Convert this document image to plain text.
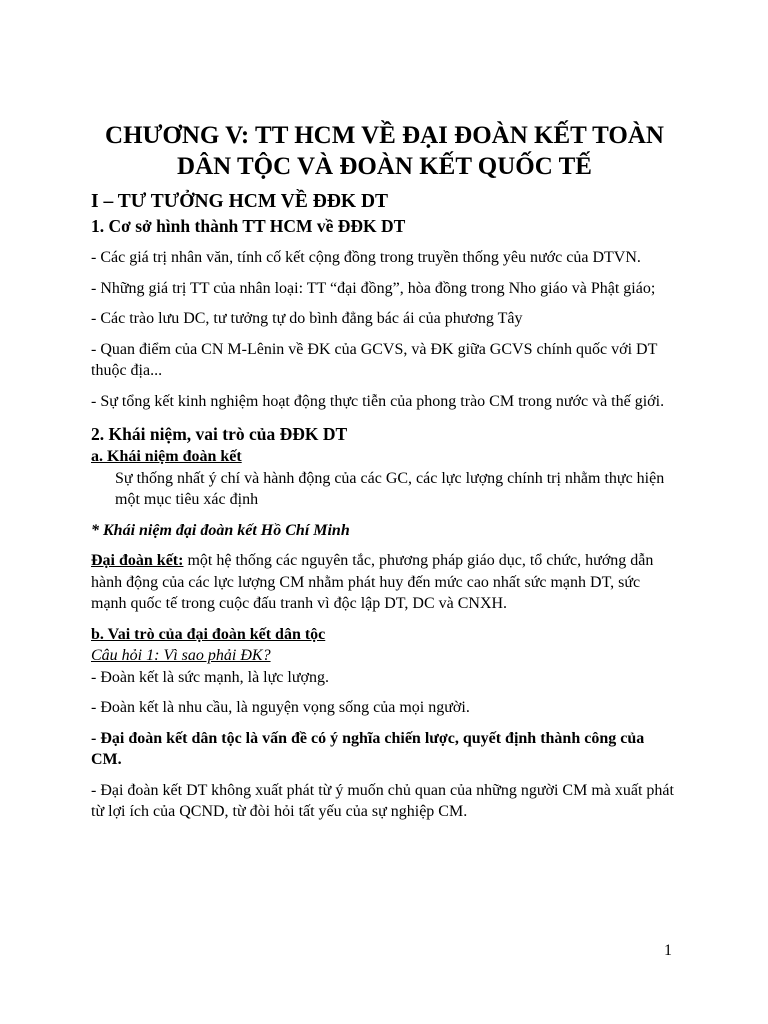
CHƯƠNG V: TT HCM VỀ ĐẠI ĐOÀN KẾT TOÀN DÂN TỘC VÀ ĐOÀN KẾT QUỐC TẾ
I – TƯ TƯỞNG HCM VỀ ĐĐK DT
1. Cơ sở hình thành TT HCM về ĐĐK DT

- Các giá trị nhân văn, tính cố kết cộng đồng trong truyền thống yêu nước của DTVN.

- Những giá trị TT của nhân loại: TT “đại đồng”, hòa đồng trong Nho giáo và Phật giáo;

- Các trào lưu DC, tư tưởng tự do bình đẳng bác ái của phương Tây

- Quan điểm của CN M-Lênin về ĐK của GCVS, và ĐK giữa GCVS chính quốc với DT thuộc địa...

- Sự tổng kết kinh nghiệm hoạt động thực tiễn của phong trào CM trong nước và thế giới.

2. Khái niệm, vai trò của ĐĐK DT

a. Khái niệm đoàn kết

Sự thống nhất ý chí và hành động của các GC, các lực lượng chính trị nhằm thực hiện một mục tiêu xác định

* Khái niệm đại đoàn kết Hồ Chí Minh

Đại đoàn kết: một hệ thống các nguyên tắc, phương pháp giáo dục, tổ chức, hướng dẫn hành động của các lực lượng CM nhằm phát huy đến mức cao nhất sức mạnh DT, sức mạnh quốc tế trong cuộc đấu tranh vì độc lập DT, DC và CNXH.

b. Vai trò của đại đoàn kết dân tộc

Câu hỏi 1: Vì sao phải ĐK?

- Đoàn kết là sức mạnh, là lực lượng.

- Đoàn kết là nhu cầu, là nguyện vọng sống của mọi người.

- Đại đoàn kết dân tộc là vấn đề có ý nghĩa chiến lược, quyết định thành công của CM.

- Đại đoàn kết DT không xuất phát từ ý muốn chủ quan của những người CM mà xuất phát từ lợi ích của QCND, từ đòi hỏi tất yếu của sự nghiệp CM.

1
